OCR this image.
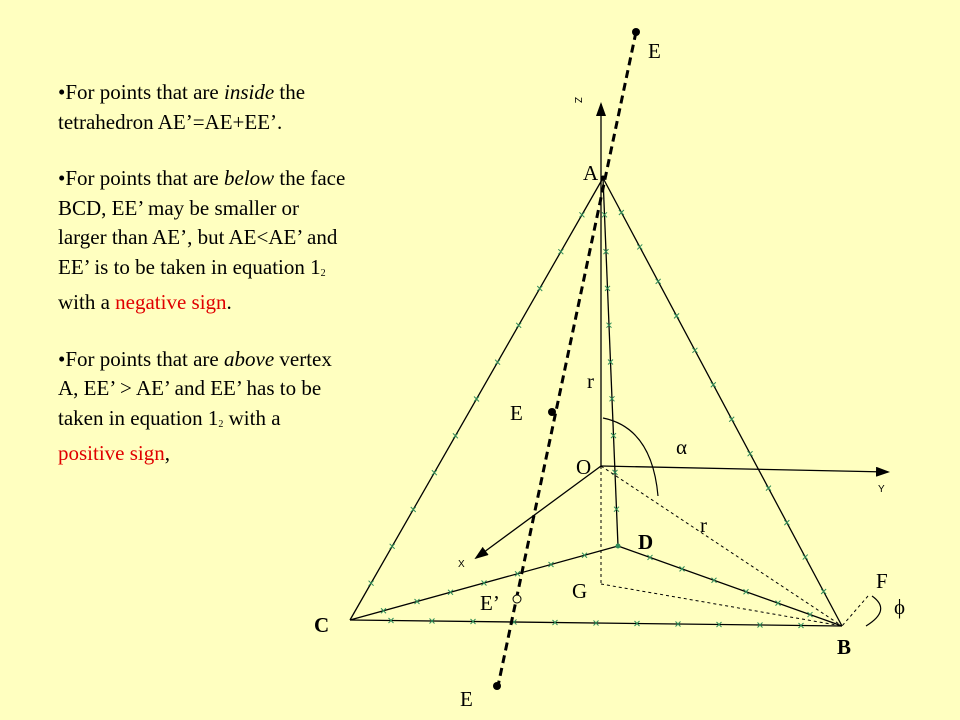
•For points that are inside the tetrahedron AE’=AE+EE’.

•For points that are below the face BCD, EE’ may be smaller or larger than AE’, but AE<AE’ and EE’ is to be taken in equation $1_2$ with a negative sign.

•For points that are above vertex A, EE’ > AE’ and EE’ has to be taken in equation $1_2$ with a positive sign,

E
E
E
E’
A
B
C
D
O
G	F
r
r
α
ϕ
Z
X
Y
